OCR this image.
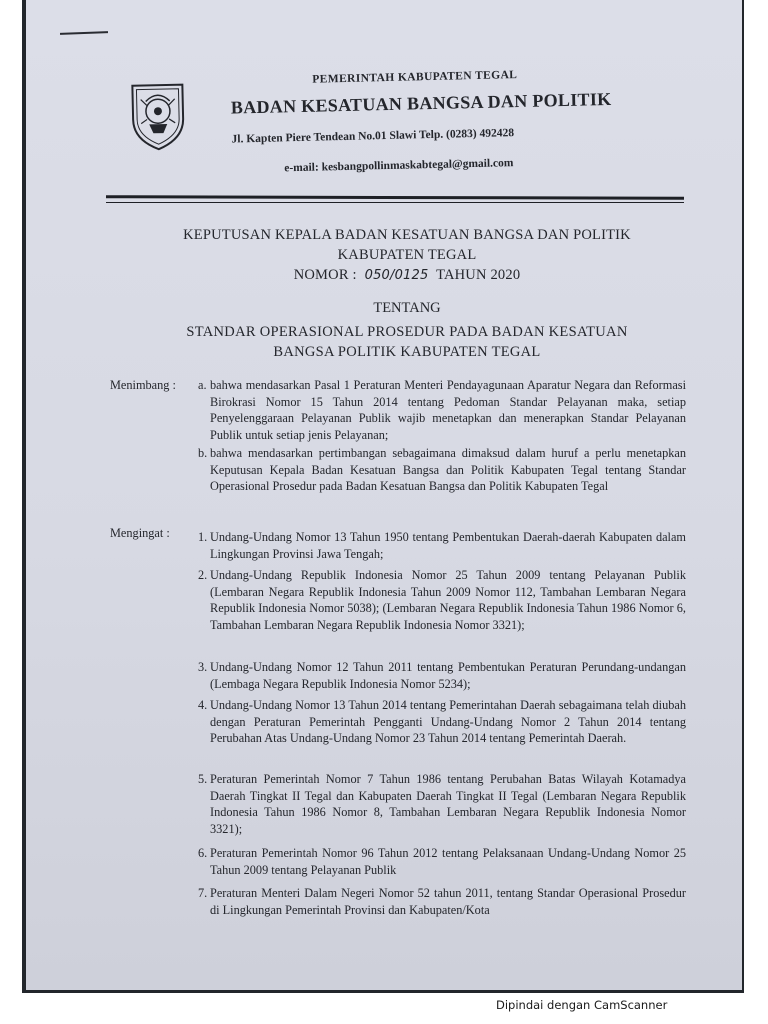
PEMERINTAH KABUPATEN TEGAL
BADAN KESATUAN BANGSA DAN POLITIK
Jl. Kapten Piere Tendean No.01 Slawi Telp. (0283) 492428
e-mail: kesbangpollinmaskabtegal@gmail.com
KEPUTUSAN KEPALA BADAN KESATUAN BANGSA DAN POLITIK
KABUPATEN TEGAL
NOMOR : 050/0125 TAHUN 2020
TENTANG
STANDAR OPERASIONAL PROSEDUR PADA BADAN KESATUAN
BANGSA POLITIK KABUPATEN TEGAL
Menimbang : a. bahwa mendasarkan Pasal 1 Peraturan Menteri Pendayagunaan Aparatur Negara dan Reformasi Birokrasi Nomor 15 Tahun 2014 tentang Pedoman Standar Pelayanan maka, setiap Penyelenggaraan Pelayanan Publik wajib menetapkan dan menerapkan Standar Pelayanan Publik untuk setiap jenis Pelayanan;
b. bahwa mendasarkan pertimbangan sebagaimana dimaksud dalam huruf a perlu menetapkan Keputusan Kepala Badan Kesatuan Bangsa dan Politik Kabupaten Tegal tentang Standar Operasional Prosedur pada Badan Kesatuan Bangsa dan Politik Kabupaten Tegal
Mengingat : 1. Undang-Undang Nomor 13 Tahun 1950 tentang Pembentukan Daerah-daerah Kabupaten dalam Lingkungan Provinsi Jawa Tengah;
2. Undang-Undang Republik Indonesia Nomor 25 Tahun 2009 tentang Pelayanan Publik (Lembaran Negara Republik Indonesia Tahun 2009 Nomor 112, Tambahan Lembaran Negara Republik Indonesia Nomor 5038); (Lembaran Negara Republik Indonesia Tahun 1986 Nomor 6, Tambahan Lembaran Negara Republik Indonesia Nomor 3321);
3. Undang-Undang Nomor 12 Tahun 2011 tentang Pembentukan Peraturan Perundang-undangan (Lembaga Negara Republik Indonesia Nomor 5234);
4. Undang-Undang Nomor 13 Tahun 2014 tentang Pemerintahan Daerah sebagaimana telah diubah dengan Peraturan Pemerintah Pengganti Undang-Undang Nomor 2 Tahun 2014 tentang Perubahan Atas Undang-Undang Nomor 23 Tahun 2014 tentang Pemerintah Daerah.
5. Peraturan Pemerintah Nomor 7 Tahun 1986 tentang Perubahan Batas Wilayah Kotamadya Daerah Tingkat II Tegal dan Kabupaten Daerah Tingkat II Tegal (Lembaran Negara Republik Indonesia Tahun 1986 Nomor 8, Tambahan Lembaran Negara Republik Indonesia Nomor 3321);
6. Peraturan Pemerintah Nomor 96 Tahun 2012 tentang Pelaksanaan Undang-Undang Nomor 25 Tahun 2009 tentang Pelayanan Publik
7. Peraturan Menteri Dalam Negeri Nomor 52 tahun 2011, tentang Standar Operasional Prosedur di Lingkungan Pemerintah Provinsi dan Kabupaten/Kota
Dipindai dengan CamScanner
